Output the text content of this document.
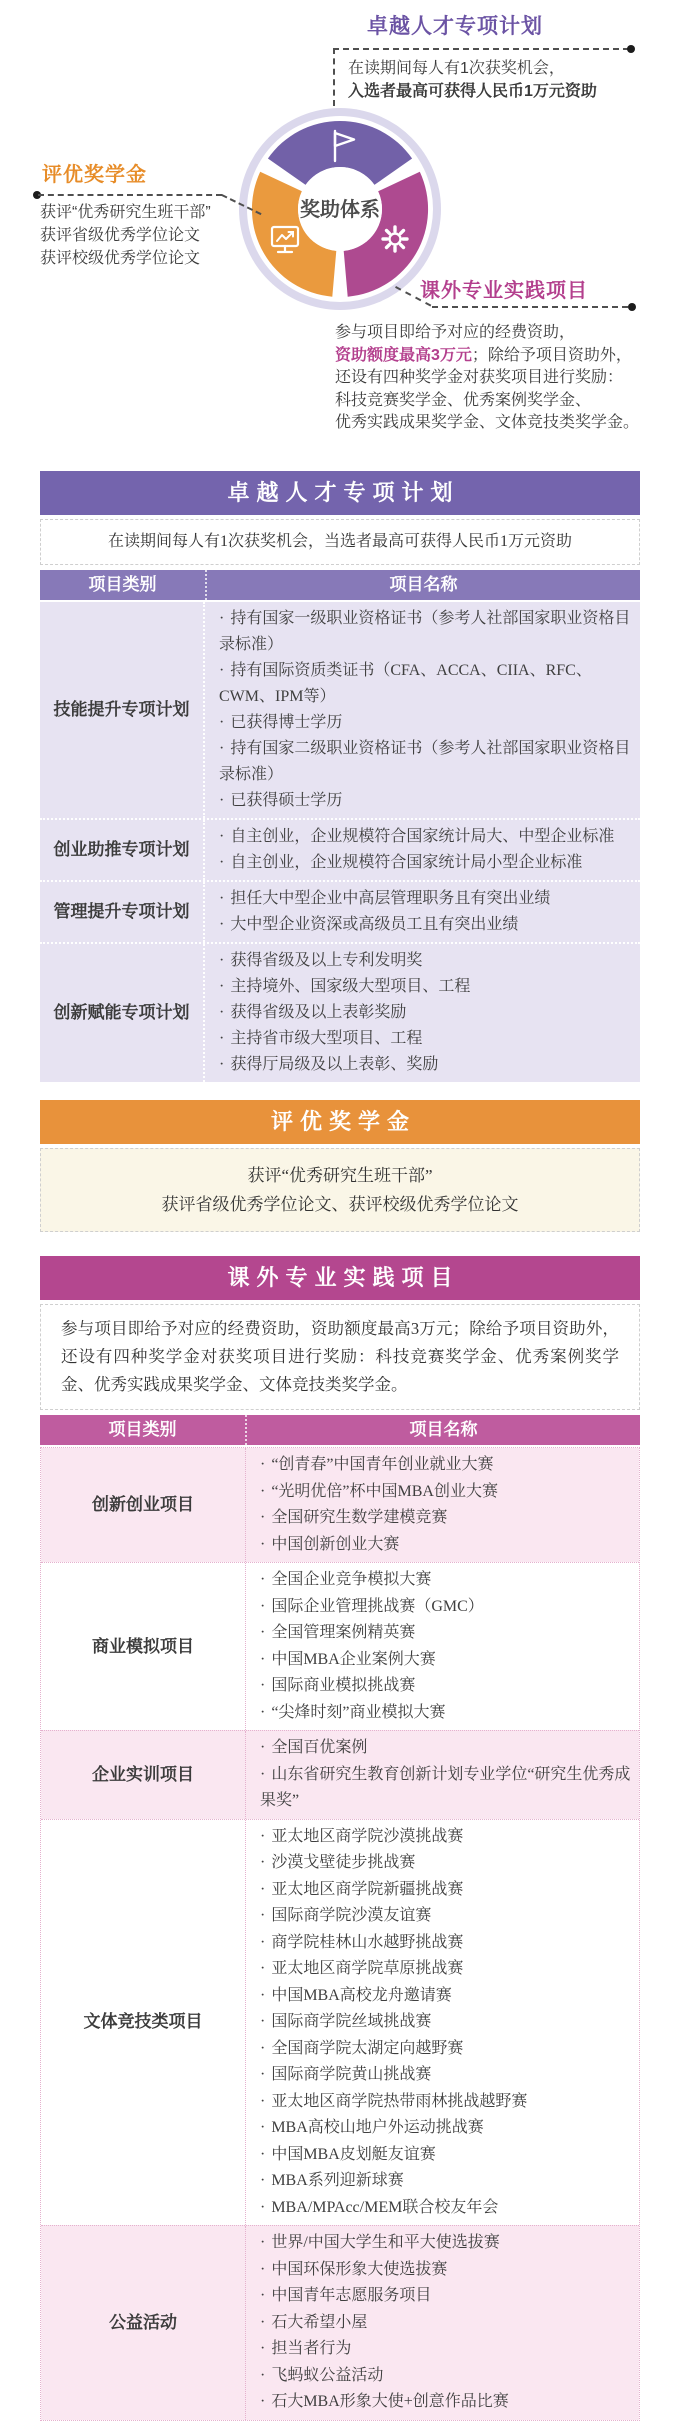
奖助体系
卓越人才专项计划
在读期间每人有1次获奖机会，
入选者最高可获得人民币1万元资助
评优奖学金
获评“优秀研究生班干部”
获评省级优秀学位论文
获评校级优秀学位论文
课外专业实践项目
参与项目即给予对应的经费资助，
资助额度最高3万元；除给予项目资助外，
还设有四种奖学金对获奖项目进行奖励：
科技竞赛奖学金、优秀案例奖学金、
优秀实践成果奖学金、文体竞技类奖学金。
卓越人才专项计划
在读期间每人有1次获奖机会，当选者最高可获得人民币1万元资助
项目类别	项目名称
技能提升专项计划
· 持有国家一级职业资格证书（参考人社部国家职业资格目录标准）
· 持有国际资质类证书（CFA、ACCA、CIIA、RFC、CWM、IPM等）
· 已获得博士学历
· 持有国家二级职业资格证书（参考人社部国家职业资格目录标准）
· 已获得硕士学历
创业助推专项计划
· 自主创业，企业规模符合国家统计局大、中型企业标准
· 自主创业，企业规模符合国家统计局小型企业标准
管理提升专项计划
· 担任大中型企业中高层管理职务且有突出业绩
· 大中型企业资深或高级员工且有突出业绩
创新赋能专项计划
· 获得省级及以上专利发明奖
· 主持境外、国家级大型项目、工程
· 获得省级及以上表彰奖励
· 主持省市级大型项目、工程
· 获得厅局级及以上表彰、奖励
评优奖学金
获评“优秀研究生班干部”
获评省级优秀学位论文、获评校级优秀学位论文
课外专业实践项目
参与项目即给予对应的经费资助，资助额度最高3万元；除给予项目资助外，还设有四种奖学金对获奖项目进行奖励：科技竞赛奖学金、优秀案例奖学金、优秀实践成果奖学金、文体竞技类奖学金。
项目类别	项目名称
创新创业项目
· “创青春”中国青年创业就业大赛
· “光明优倍”杯中国MBA创业大赛
· 全国研究生数学建模竞赛
· 中国创新创业大赛
商业模拟项目
· 全国企业竞争模拟大赛
· 国际企业管理挑战赛（GMC）
· 全国管理案例精英赛
· 中国MBA企业案例大赛
· 国际商业模拟挑战赛
· “尖烽时刻”商业模拟大赛
企业实训项目
· 全国百优案例
· 山东省研究生教育创新计划专业学位“研究生优秀成果奖”
文体竞技类项目
· 亚太地区商学院沙漠挑战赛
· 沙漠戈壁徒步挑战赛
· 亚太地区商学院新疆挑战赛
· 国际商学院沙漠友谊赛
· 商学院桂林山水越野挑战赛
· 亚太地区商学院草原挑战赛
· 中国MBA高校龙舟邀请赛
· 国际商学院丝域挑战赛
· 全国商学院太湖定向越野赛
· 国际商学院黄山挑战赛
· 亚太地区商学院热带雨林挑战越野赛
· MBA高校山地户外运动挑战赛
· 中国MBA皮划艇友谊赛
· MBA系列迎新球赛
· MBA/MPAcc/MEM联合校友年会
公益活动
· 世界/中国大学生和平大使选拔赛
· 中国环保形象大使选拔赛
· 中国青年志愿服务项目
· 石大希望小屋
· 担当者行为
· 飞蚂蚁公益活动
· 石大MBA形象大使+创意作品比赛
